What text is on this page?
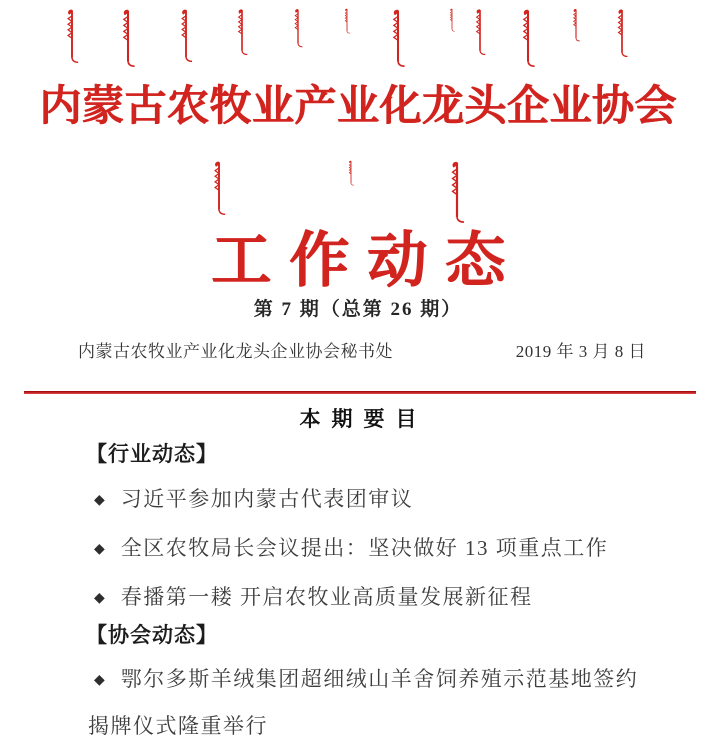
内蒙古农牧业产业化龙头企业协会
工作动态

第 7 期（总第 26 期）

内蒙古农牧业产业化龙头企业协会秘书处	2019 年 3 月 8 日
本期要目
【行业动态】
◆ 习近平参加内蒙古代表团审议
◆ 全区农牧局长会议提出：坚决做好 13 项重点工作
◆ 春播第一耧 开启农牧业高质量发展新征程
【协会动态】
◆ 鄂尔多斯羊绒集团超细绒山羊舍饲养殖示范基地签约揭牌仪式隆重举行
